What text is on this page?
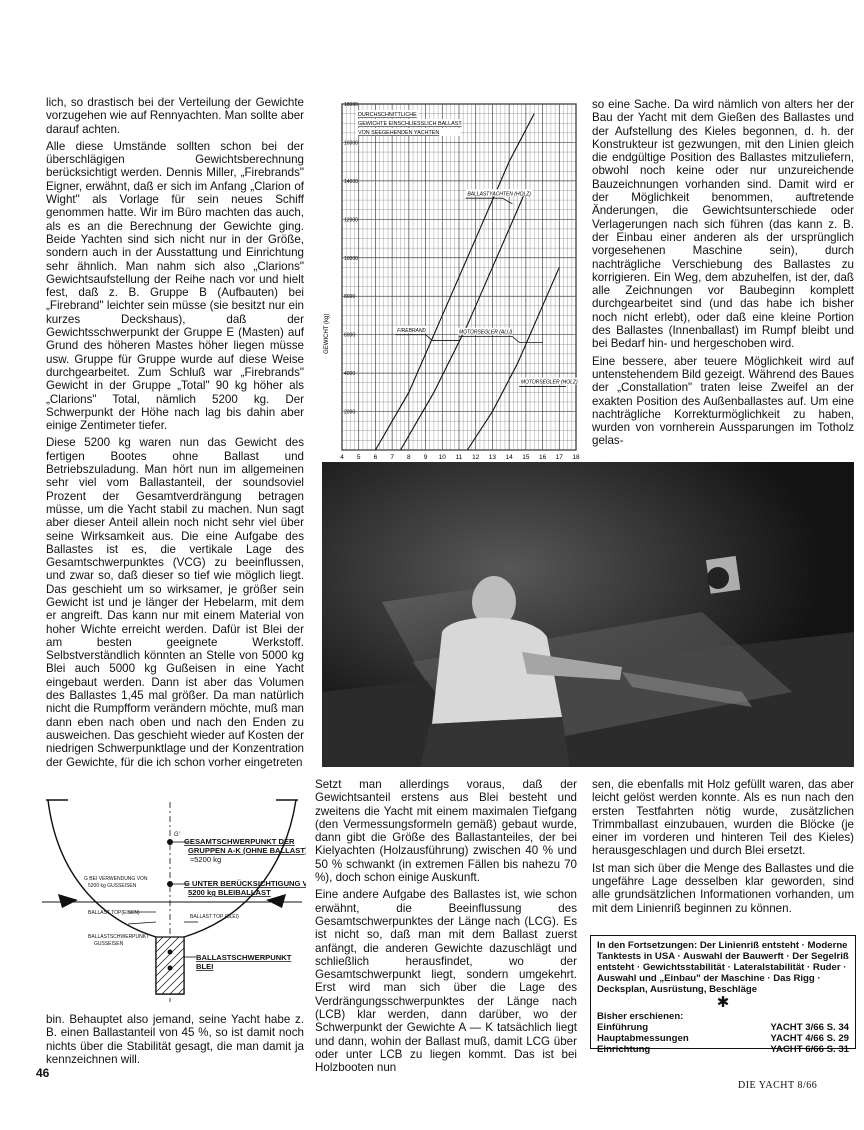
lich, so drastisch bei der Verteilung der Gewichte vorzugehen wie auf Rennyachten. Man sollte aber darauf achten.

Alle diese Umstände sollten schon bei der überschlägigen Gewichtsberechnung berücksichtigt werden. Dennis Miller, „Firebrands" Eigner, erwähnt, daß er sich im Anfang „Clarion of Wight" als Vorlage für sein neues Schiff genommen hatte. Wir im Büro machten das auch, als es an die Berechnung der Gewichte ging. Beide Yachten sind sich nicht nur in der Größe, sondern auch in der Ausstattung und Einrichtung sehr ähnlich. Man nahm sich also „Clarions" Gewichtsaufstellung der Reihe nach vor und hielt fest, daß z. B. Gruppe B (Aufbauten) bei „Firebrand" leichter sein müsse (sie besitzt nur ein kurzes Deckshaus), daß der Gewichtsschwerpunkt der Gruppe E (Masten) auf Grund des höheren Mastes höher liegen müsse usw. Gruppe für Gruppe wurde auf diese Weise durchgearbeitet. Zum Schluß war „Firebrands" Gewicht in der Gruppe „Total" 90 kg höher als „Clarions" Total, nämlich 5200 kg. Der Schwerpunkt der Höhe nach lag bis dahin aber einige Zentimeter tiefer.

Diese 5200 kg waren nun das Gewicht des fertigen Bootes ohne Ballast und Betriebszuladung. Man hört nun im allgemeinen sehr viel vom Ballastanteil, der soundsoviel Prozent der Gesamtverdrängung betragen müsse, um die Yacht stabil zu machen. Nun sagt aber dieser Anteil allein noch nicht sehr viel über seine Wirksamkeit aus. Die eine Aufgabe des Ballastes ist es, die vertikale Lage des Gesamtschwerpunktes (VCG) zu beeinflussen, und zwar so, daß dieser so tief wie möglich liegt. Das geschieht um so wirksamer, je größer sein Gewicht ist und je länger der Hebelarm, mit dem er angreift. Das kann nur mit einem Material von hoher Wichte erreicht werden. Dafür ist Blei der am besten geeignete Werkstoff. Selbstverständlich könnten an Stelle von 5000 kg Blei auch 5000 kg Gußeisen in eine Yacht eingebaut werden. Dann ist aber das Volumen des Ballastes 1,45 mal größer. Da man natürlich nicht die Rumpfform verändern möchte, muß man dann eben nach oben und nach den Enden zu ausweichen. Das geschieht wieder auf Kosten der niedrigen Schwerpunktlage und der Konzentration der Gewichte, für die ich schon vorher eingetreten

4 5 6 7 8 9 10 11 12 13 14 15 16 17 18
2000
4000
6000
8000
10000
12000
14000
16000
18000
GEWICHT (kg)
DURCHSCHNITTLICHE
GEWICHTE EINSCHLIESSLICH BALLAST
VON SEEGEHENDEN YACHTEN
FIREBRAND	MOTORSEGLER (ALU)
BALLASTYACHTEN (HOLZ)
MOTORSEGLER (HOLZ)

so eine Sache. Da wird nämlich von alters her der Bau der Yacht mit dem Gießen des Ballastes und der Aufstellung des Kieles begonnen, d. h. der Konstrukteur ist gezwungen, mit den Linien gleich die endgültige Position des Ballastes mitzuliefern, obwohl noch keine oder nur unzureichende Bauzeichnungen vorhanden sind. Damit wird er der Möglichkeit benommen, auftretende Änderungen, die Gewichtsunterschiede oder Verlagerungen nach sich führen (das kann z. B. der Einbau einer anderen als der ursprünglich vorgesehenen Maschine sein), durch nachträgliche Verschiebung des Ballastes zu korrigieren. Ein Weg, dem abzuhelfen, ist der, daß alle Zeichnungen vor Baubeginn komplett durchgearbeitet sind (und das habe ich bisher noch nicht erlebt), oder daß eine kleine Portion des Ballastes (Innenballast) im Rumpf bleibt und bei Bedarf hin- und hergeschoben wird.

Eine bessere, aber teuere Möglichkeit wird auf untenstehendem Bild gezeigt. Während des Baues der „Constallation" traten leise Zweifel an der exakten Position des Außenballastes auf. Um eine nachträgliche Korrekturmöglichkeit zu haben, wurden von vornherein Aussparungen im Totholz gelas-

G'
GESAMTSCHWERPUNKT DER
GRUPPEN A-K (OHNE BALLAST)
≈5200 kg
G UNTER BERÜCKSICHTIGUNG VON
5200 kg BLEIBALLAST
G BEI VERWENDUNG VON
5200 kg GUSSEISEN
BALLAST TOP(EISEN)
BALLAST TOP (BLEI)
BALLASTSCHWERPUNKT
GUSSEISEN
BALLASTSCHWERPUNKT
BLEI

bin. Behauptet also jemand, seine Yacht habe z. B. einen Ballastanteil von 45 %, so ist damit noch nichts über die Stabilität gesagt, die man damit ja kennzeichnen will.

Setzt man allerdings voraus, daß der Gewichtsanteil erstens aus Blei besteht und zweitens die Yacht mit einem maximalen Tiefgang (den Vermessungsformeln gemäß) gebaut wurde, dann gibt die Größe des Ballastanteiles, der bei Kielyachten (Holzausführung) zwischen 40 % und 50 % schwankt (in extremen Fällen bis nahezu 70 %), doch schon einige Auskunft.

Eine andere Aufgabe des Ballastes ist, wie schon erwähnt, die Beeinflussung des Gesamtschwerpunktes der Länge nach (LCG). Es ist nicht so, daß man mit dem Ballast zuerst anfängt, die anderen Gewichte dazuschlägt und schließlich herausfindet, wo der Gesamtschwerpunkt liegt, sondern umgekehrt. Erst wird man sich über die Lage des Verdrängungsschwerpunktes der Länge nach (LCB) klar werden, dann darüber, wo der Schwerpunkt der Gewichte A — K tatsächlich liegt und dann, wohin der Ballast muß, damit LCG über oder unter LCB zu liegen kommt. Das ist bei Holzbooten nun

sen, die ebenfalls mit Holz gefüllt waren, das aber leicht gelöst werden konnte. Als es nun nach den ersten Testfahrten nötig wurde, zusätzlichen Trimmballast einzubauen, wurden die Blöcke (je einer im vorderen und hinteren Teil des Kieles) herausgeschlagen und durch Blei ersetzt.

Ist man sich über die Menge des Ballastes und die ungefähre Lage desselben klar geworden, sind alle grundsätzlichen Informationen vorhanden, um mit dem Linienriß beginnen zu können.

In den Fortsetzungen: Der Linienriß entsteht · Moderne Tanktests in USA · Auswahl der Bauwerft · Der Segelriß entsteht · Gewichtsstabilität · Lateralstabilität · Ruder · Auswahl und „Einbau" der Maschine · Das Rigg · Decksplan, Ausrüstung, Beschläge
✱
Bisher erschienen:
Einführung	YACHT 3/66 S. 34
Hauptabmessungen	YACHT 4/66 S. 29
Einrichtung	YACHT 6/66 S. 31
46
DIE YACHT 8/66
